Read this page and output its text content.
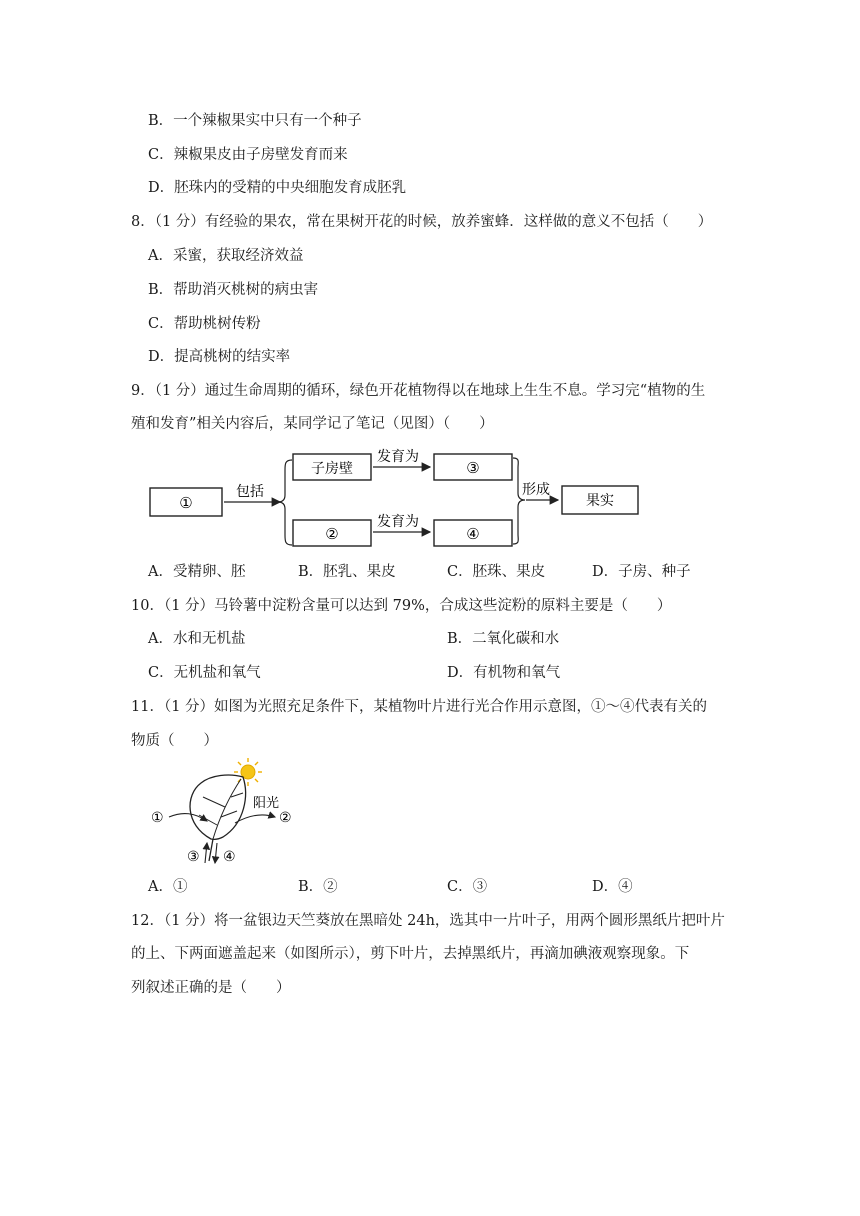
B．一个辣椒果实中只有一个种子
C．辣椒果皮由子房壁发育而来
D．胚珠内的受精的中央细胞发育成胚乳
8．（1 分）有经验的果农，常在果树开花的时候，放养蜜蜂．这样做的意义不包括（　　）
A．采蜜，获取经济效益
B．帮助消灭桃树的病虫害
C．帮助桃树传粉
D．提高桃树的结实率
9．（1 分）通过生命周期的循环，绿色开花植物得以在地球上生生不息。学习完“植物的生
殖和发育”相关内容后，某同学记了笔记（见图）（　　）
①
包括
子房壁
②
发育为
发育为
③
④
形成
果实
A．受精卵、胚	B．胚乳、果皮	C．胚珠、果皮	D．子房、种子
10．（1 分）马铃薯中淀粉含量可以达到 79%，合成这些淀粉的原料主要是（　　）
A．水和无机盐	B．二氧化碳和水
C．无机盐和氧气	D．有机物和氧气
11．（1 分）如图为光照充足条件下，某植物叶片进行光合作用示意图，①～④代表有关的
物质（　　）
阳光
①	②
③ ④
A．①	B．②	C．③	D．④
12．（1 分）将一盆银边天竺葵放在黑暗处 24h，选其中一片叶子，用两个圆形黑纸片把叶片
的上、下两面遮盖起来（如图所示），剪下叶片，去掉黑纸片，再滴加碘液观察现象。下
列叙述正确的是（　　）
